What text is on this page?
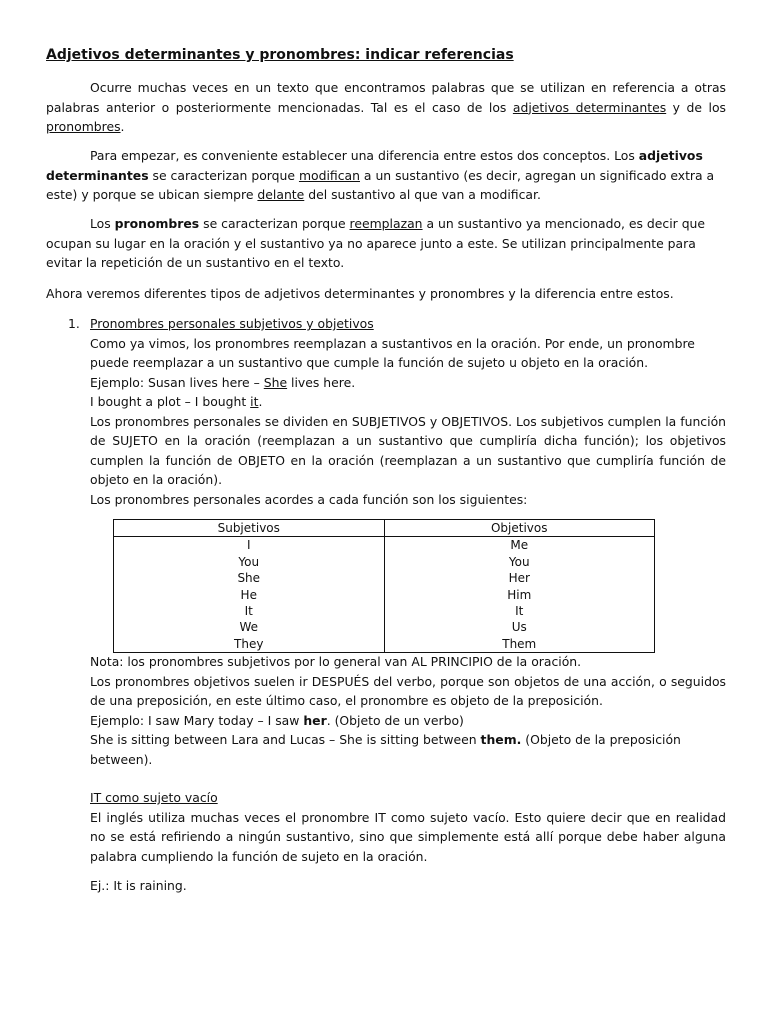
Adjetivos determinantes y pronombres: indicar referencias

Ocurre muchas veces en un texto que encontramos palabras que se utilizan en referencia a otras palabras anterior o posteriormente mencionadas. Tal es el caso de los adjetivos determinantes y de los pronombres.

Para empezar, es conveniente establecer una diferencia entre estos dos conceptos. Los adjetivos determinantes se caracterizan porque modifican a un sustantivo (es decir, agregan un significado extra a este) y porque se ubican siempre delante del sustantivo al que van a modificar.

Los pronombres se caracterizan porque reemplazan a un sustantivo ya mencionado, es decir que ocupan su lugar en la oración y el sustantivo ya no aparece junto a este. Se utilizan principalmente para evitar la repetición de un sustantivo en el texto.

Ahora veremos diferentes tipos de adjetivos determinantes y pronombres y la diferencia entre estos.

1. Pronombres personales subjetivos y objetivos
Como ya vimos, los pronombres reemplazan a sustantivos en la oración. Por ende, un pronombre puede reemplazar a un sustantivo que cumple la función de sujeto u objeto en la oración.
Ejemplo: Susan lives here – She lives here.
I bought a plot – I bought it.
Los pronombres personales se dividen en SUBJETIVOS y OBJETIVOS. Los subjetivos cumplen la función de SUJETO en la oración (reemplazan a un sustantivo que cumpliría dicha función); los objetivos cumplen la función de OBJETO en la oración (reemplazan a un sustantivo que cumpliría función de objeto en la oración).
Los pronombres personales acordes a cada función son los siguientes:
Subjetivos	Objetivos
I	Me
You	You
She	Her
He	Him
It	It
We	Us
They	Them
Nota: los pronombres subjetivos por lo general van AL PRINCIPIO de la oración.
Los pronombres objetivos suelen ir DESPUÉS del verbo, porque son objetos de una acción, o seguidos de una preposición, en este último caso, el pronombre es objeto de la preposición.
Ejemplo: I saw Mary today – I saw her. (Objeto de un verbo)
She is sitting between Lara and Lucas – She is sitting between them. (Objeto de la preposición between).
IT como sujeto vacío
El inglés utiliza muchas veces el pronombre IT como sujeto vacío. Esto quiere decir que en realidad no se está refiriendo a ningún sustantivo, sino que simplemente está allí porque debe haber alguna palabra cumpliendo la función de sujeto en la oración.
Ej.: It is raining.
